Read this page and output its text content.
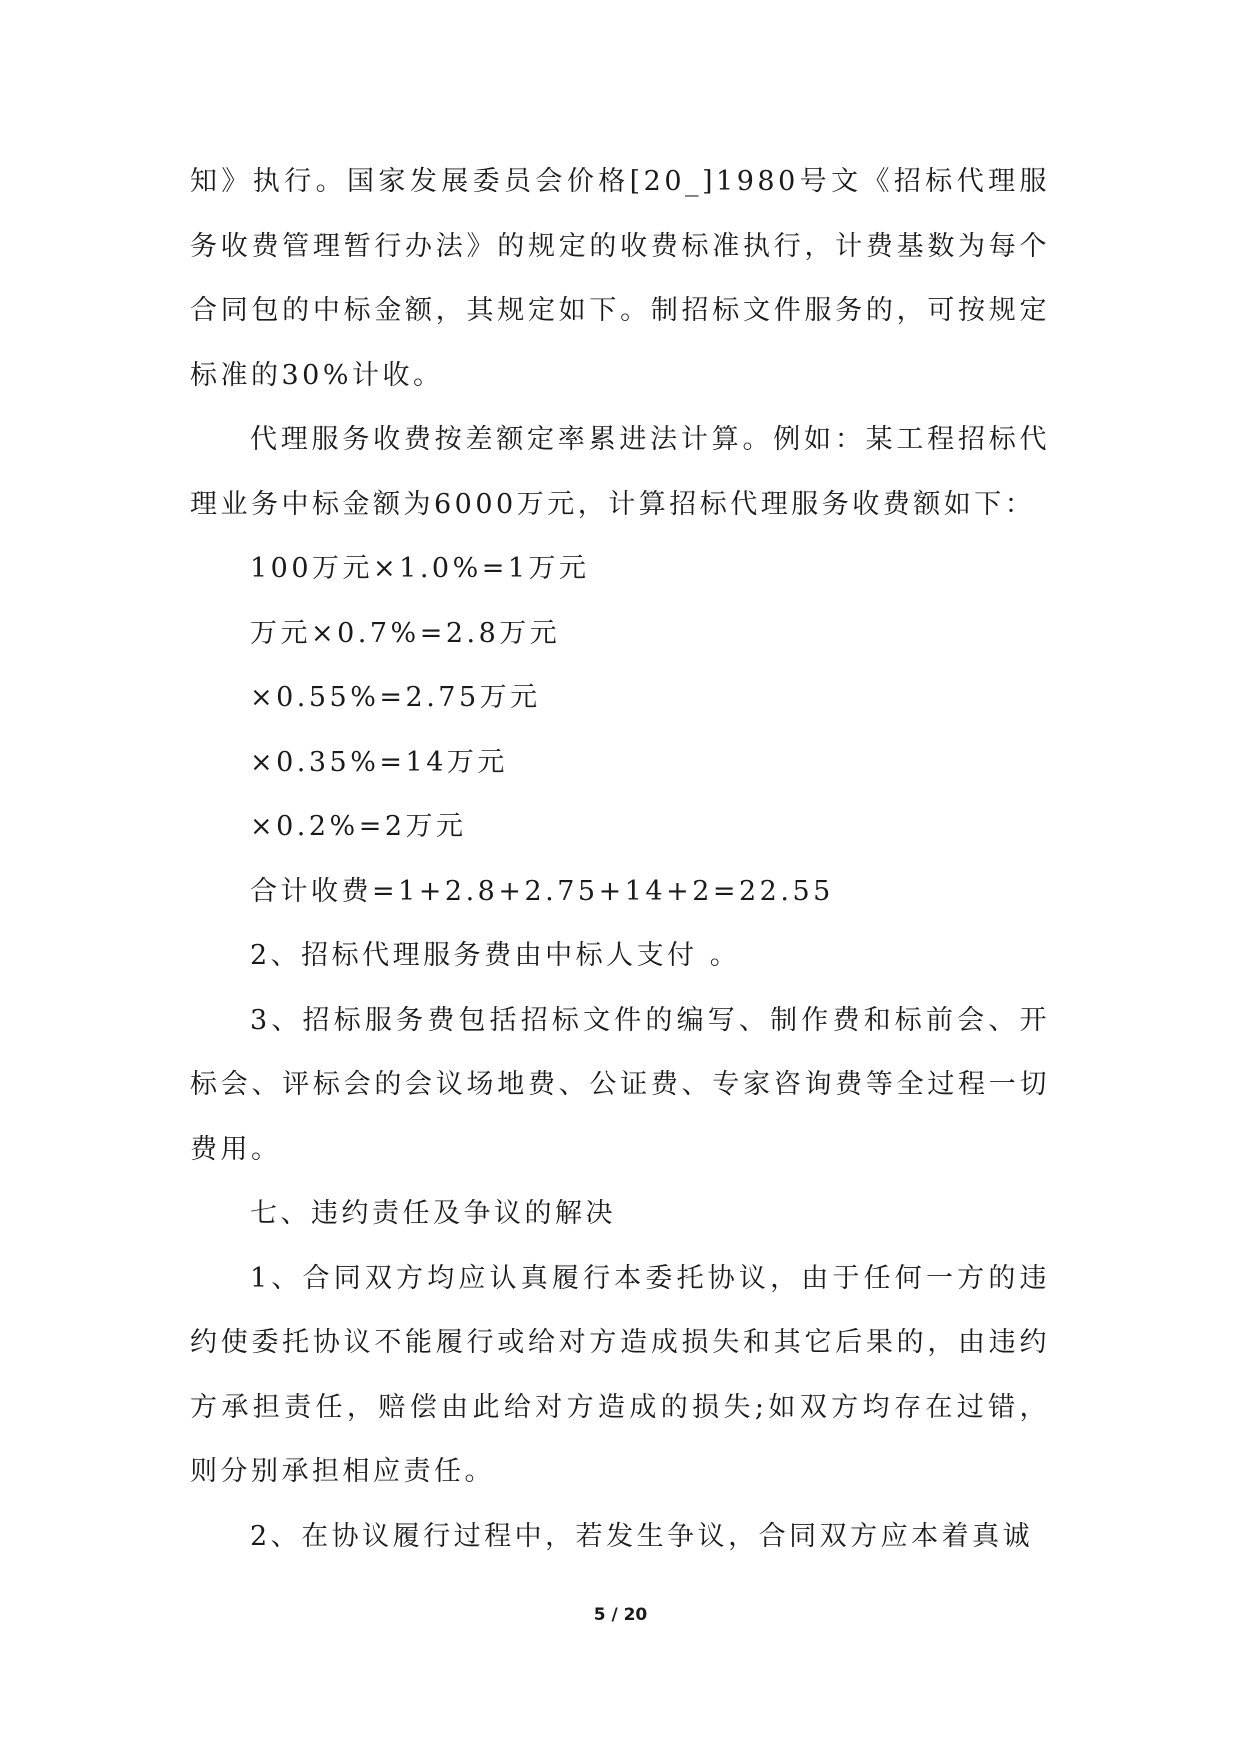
知》执行。国家发展委员会价格[20_]1980号文《招标代理服务收费管理暂行办法》的规定的收费标准执行，计费基数为每个合同包的中标金额，其规定如下。制招标文件服务的，可按规定标准的30%计收。

代理服务收费按差额定率累进法计算。例如：某工程招标代理业务中标金额为6000万元，计算招标代理服务收费额如下：

100万元×1.0%=1万元

万元×0.7%=2.8万元

×0.55%=2.75万元

×0.35%=14万元

×0.2%=2万元

合计收费=1+2.8+2.75+14+2=22.55

2、招标代理服务费由中标人支付 。

3、招标服务费包括招标文件的编写、制作费和标前会、开标会、评标会的会议场地费、公证费、专家咨询费等全过程一切费用。

七、违约责任及争议的解决

1、合同双方均应认真履行本委托协议，由于任何一方的违约使委托协议不能履行或给对方造成损失和其它后果的，由违约方承担责任，赔偿由此给对方造成的损失;如双方均存在过错，则分别承担相应责任。

2、在协议履行过程中，若发生争议，合同双方应本着真诚

5 / 20
